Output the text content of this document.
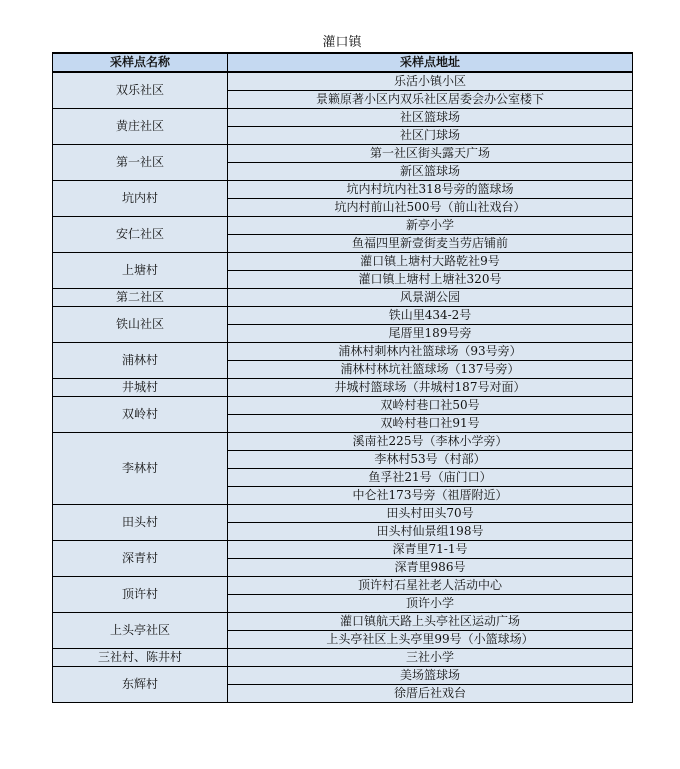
灌口镇
采样点名称	采样点地址
双乐社区	乐活小镇小区
	景籁原著小区内双乐社区居委会办公室楼下
黄庄社区	社区篮球场
	社区门球场
第一社区	第一社区街头露天广场
	新区篮球场
坑内村	坑内村坑内社318号旁的篮球场
	坑内村前山社500号（前山社戏台）
安仁社区	新亭小学
	鱼福四里新壹街麦当劳店铺前
上塘村	灌口镇上塘村大路乾社9号
	灌口镇上塘村上塘社320号
第二社区	风景湖公园
铁山社区	铁山里434-2号
	尾厝里189号旁
浦林村	浦林村刺林内社篮球场（93号旁）
	浦林村林坑社篮球场（137号旁）
井城村	井城村篮球场（井城村187号对面）
双岭村	双岭村巷口社50号
	双岭村巷口社91号
李林村	溪南社225号（李林小学旁）
	李林村53号（村部）
	鱼孚社21号（庙门口）
	中仑社173号旁（祖厝附近）
田头村	田头村田头70号
	田头村仙景组198号
深青村	深青里71-1号
	深青里986号
顶许村	顶许村石星社老人活动中心
	顶许小学
上头亭社区	灌口镇航天路上头亭社区运动广场
	上头亭社区上头亭里99号（小篮球场）
三社村、陈井村	三社小学
东辉村	美场篮球场
	徐厝后社戏台
